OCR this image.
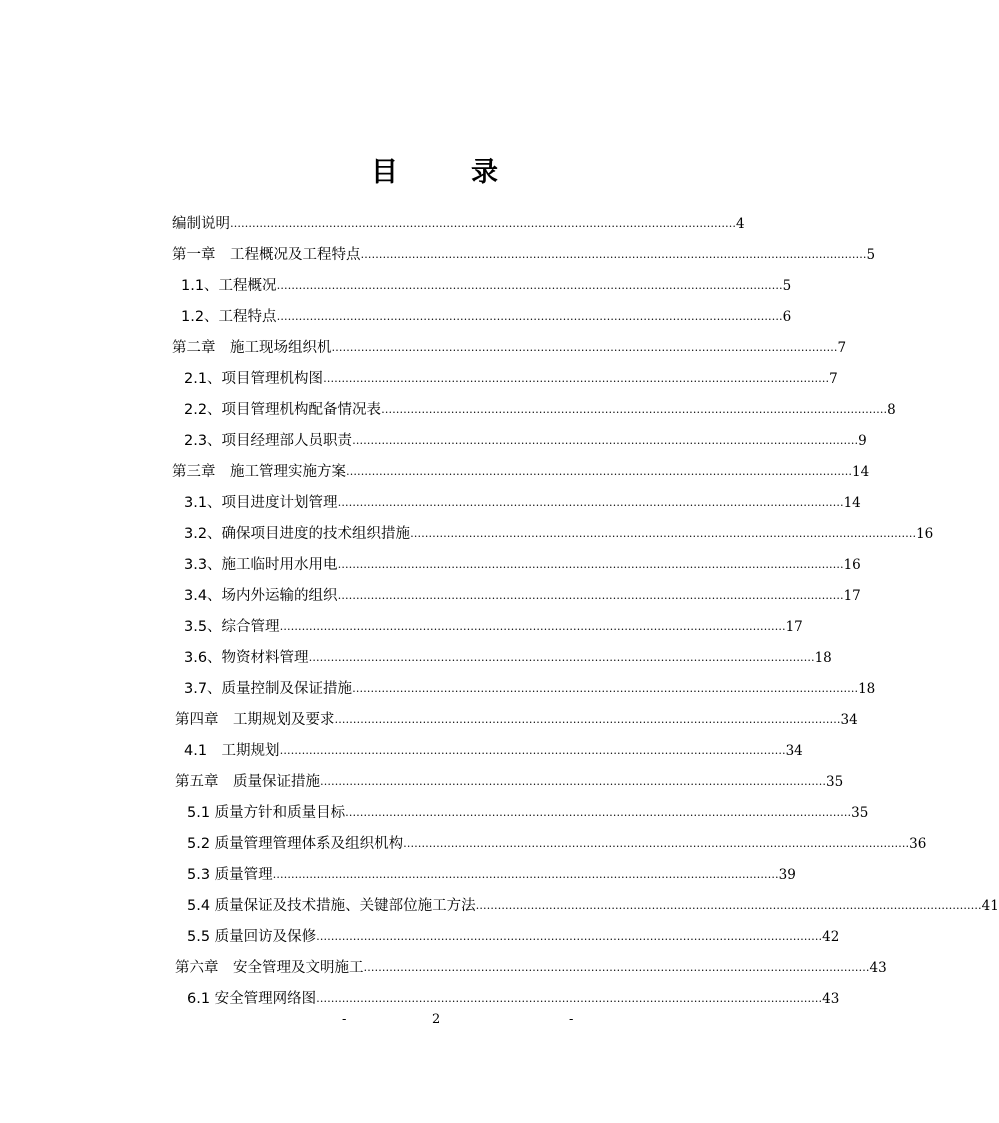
目	录
编制说明 ………………………………………………………………………………………………………………………… 4
第一章　工程概况及工程特点 ………………………………………………………………………………………………………………………… 5
1.1、工程概况 ………………………………………………………………………………………………………………………… 5
1.2、工程特点 ………………………………………………………………………………………………………………………… 6
第二章　施工现场组织机 ………………………………………………………………………………………………………………………… 7
2.1、项目管理机构图 ………………………………………………………………………………………………………………………… 7
2.2、项目管理机构配备情况表 ………………………………………………………………………………………………………………………… 8
2.3、项目经理部人员职责 ………………………………………………………………………………………………………………………… 9
第三章　施工管理实施方案 ………………………………………………………………………………………………………………………… 14
3.1、项目进度计划管理 ………………………………………………………………………………………………………………………… 14
3.2、确保项目进度的技术组织措施 ………………………………………………………………………………………………………………………… 16
3.3、施工临时用水用电 ………………………………………………………………………………………………………………………… 16
3.4、场内外运输的组织 ………………………………………………………………………………………………………………………… 17
3.5、综合管理 ………………………………………………………………………………………………………………………… 17
3.6、物资材料管理 ………………………………………………………………………………………………………………………… 18
3.7、质量控制及保证措施 ………………………………………………………………………………………………………………………… 18
第四章　工期规划及要求 ………………………………………………………………………………………………………………………… 34
4.1　工期规划 ………………………………………………………………………………………………………………………… 34
第五章　质量保证措施 ………………………………………………………………………………………………………………………… 35
5.1 质量方针和质量目标 ………………………………………………………………………………………………………………………… 35
5.2 质量管理管理体系及组织机构 ………………………………………………………………………………………………………………………… 36
5.3 质量管理 ………………………………………………………………………………………………………………………… 39
5.4 质量保证及技术措施、关键部位施工方法 ………………………………………………………………………………………………………………………… 41
5.5 质量回访及保修 ………………………………………………………………………………………………………………………… 42
第六章　安全管理及文明施工 ………………………………………………………………………………………………………………………… 43
6.1 安全管理网络图 ………………………………………………………………………………………………………………………… 43
-	2	-
